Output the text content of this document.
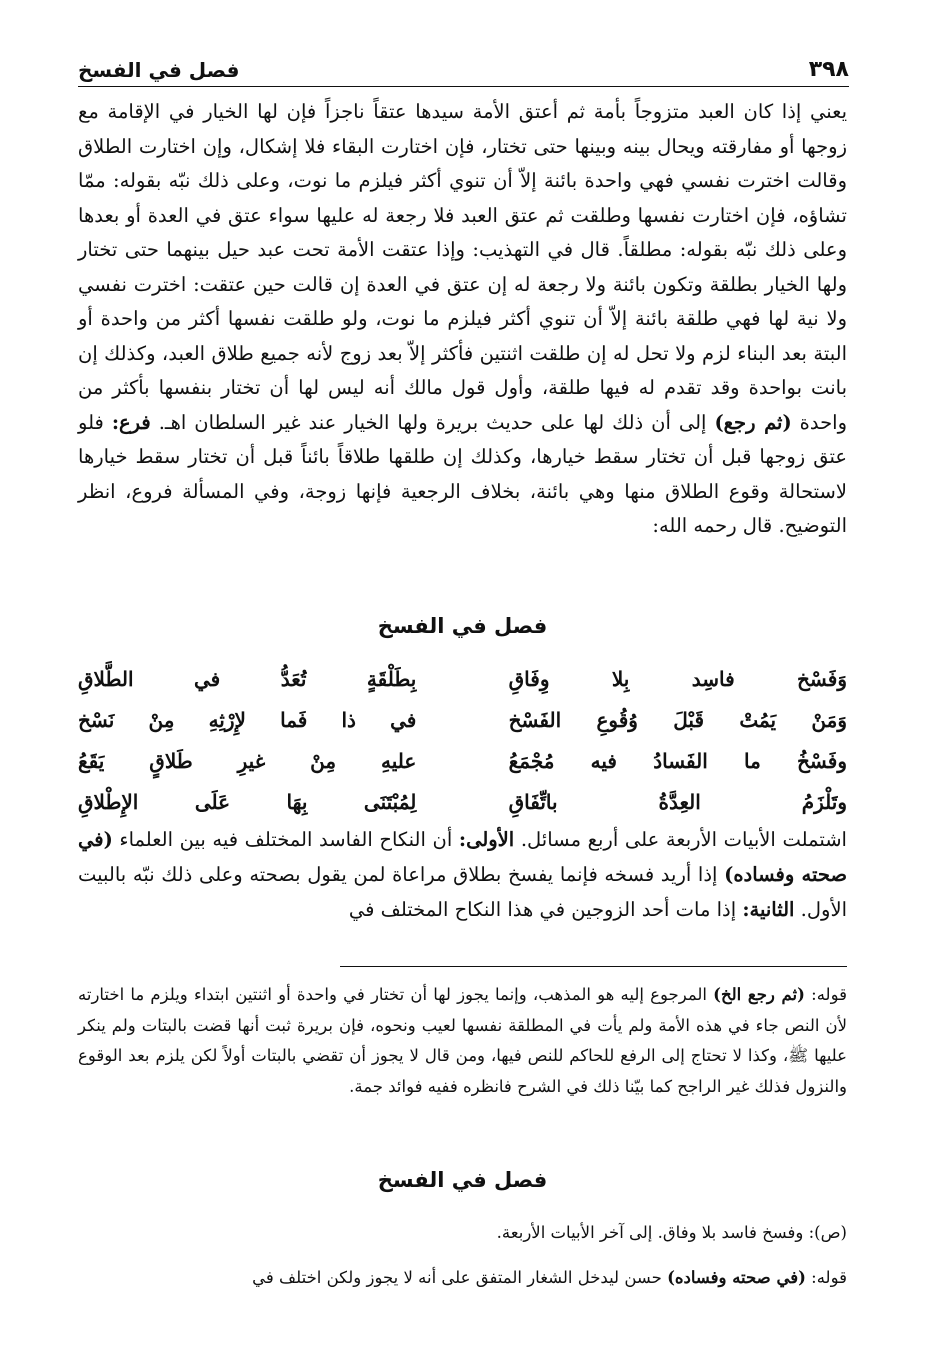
٣٩٨
فصل في الفسخ

يعني إذا كان العبد متزوجاً بأمة ثم أعتق الأمة سيدها عتقاً ناجزاً فإن لها الخيار في الإقامة مع زوجها أو مفارقته ويحال بينه وبينها حتى تختار، فإن اختارت البقاء فلا إشكال، وإن اختارت الطلاق وقالت اخترت نفسي فهي واحدة بائنة إلاّ أن تنوي أكثر فيلزم ما نوت، وعلى ذلك نبّه بقوله: ممّا تشاؤه، فإن اختارت نفسها وطلقت ثم عتق العبد فلا رجعة له عليها سواء عتق في العدة أو بعدها وعلى ذلك نبّه بقوله: مطلقاً. قال في التهذيب: وإذا عتقت الأمة تحت عبد حيل بينهما حتى تختار ولها الخيار بطلقة وتكون بائنة ولا رجعة له إن عتق في العدة إن قالت حين عتقت: اخترت نفسي ولا نية لها فهي طلقة بائنة إلاّ أن تنوي أكثر فيلزم ما نوت، ولو طلقت نفسها أكثر من واحدة أو البتة بعد البناء لزم ولا تحل له إن طلقت اثنتين فأكثر إلاّ بعد زوج لأنه جميع طلاق العبد، وكذلك إن بانت بواحدة وقد تقدم له فيها طلقة، وأول قول مالك أنه ليس لها أن تختار بنفسها بأكثر من واحدة (ثم رجع) إلى أن ذلك لها على حديث بريرة ولها الخيار عند غير السلطان اهـ. فرع: فلو عتق زوجها قبل أن تختار سقط خيارها، وكذلك إن طلقها طلاقاً بائناً قبل أن تختار سقط خيارها لاستحالة وقوع الطلاق منها وهي بائنة، بخلاف الرجعية فإنها زوجة، وفي المسألة فروع، انظر التوضيح. قال رحمه الله:

فصل في الفسخ
وَفَسْخ فاسِد بِلا وِفَاقِ
بِطَلْقَةٍ تُعَدُّ في الطَّلاقِ
وَمَنْ يَمُتْ قَبْلَ وُقُوعِ الفَسْخ
في ذا فَما لإِرْثِهِ مِنْ نَسْخ
وفَسْخُ ما الفَسادُ فيه مُجْمَعُ
عليهِ مِنْ غيرِ طَلاقٍ يَقَعُ
وتَلْزَمُ العِدَّةُ باتِّفَاقِ
لِمُبْتَنَى بِهَا عَلَى الإِطْلاقِ

اشتملت الأبيات الأربعة على أربع مسائل. الأولى: أن النكاح الفاسد المختلف فيه بين العلماء (في صحته وفساده) إذا أريد فسخه فإنما يفسخ بطلاق مراعاة لمن يقول بصحته وعلى ذلك نبّه بالبيت الأول. الثانية: إذا مات أحد الزوجين في هذا النكاح المختلف في

قوله: (ثم رجع الخ) المرجوع إليه هو المذهب، وإنما يجوز لها أن تختار في واحدة أو اثنتين ابتداء ويلزم ما اختارته لأن النص جاء في هذه الأمة ولم يأت في المطلقة نفسها لعيب ونحوه، فإن بريرة ثبت أنها قضت بالبتات ولم ينكر عليها ﷺ، وكذا لا تحتاج إلى الرفع للحاكم للنص فيها، ومن قال لا يجوز أن تقضي بالبتات أولاً لكن يلزم بعد الوقوع والنزول فذلك غير الراجح كما بيّنا ذلك في الشرح فانظره ففيه فوائد جمة.

فصل في الفسخ

(ص): وفسخ فاسد بلا وفاق. إلى آخر الأبيات الأربعة.

قوله: (في صحته وفساده) حسن ليدخل الشغار المتفق على أنه لا يجوز ولكن اختلف في
